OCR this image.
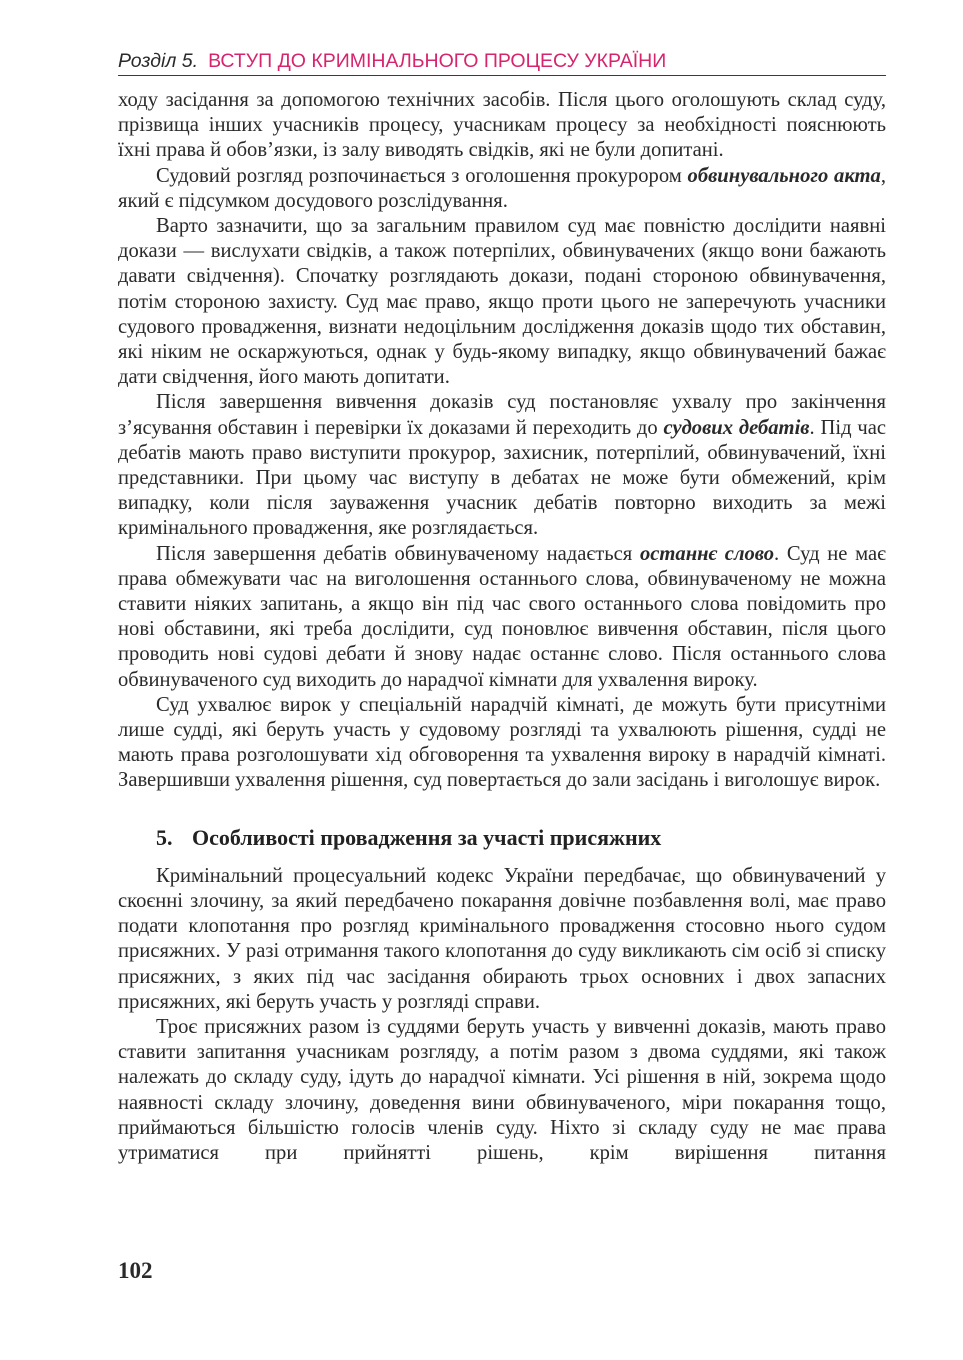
Розділ 5. ВСТУП ДО КРИМІНАЛЬНОГО ПРОЦЕСУ УКРАЇНИ

ходу засідання за допомогою технічних засобів. Після цього оголошують склад суду, прізвища інших учасників процесу, учасникам процесу за необхідності пояснюють їхні права й обов’язки, із залу виводять свідків, які не були допитані.

Судовий розгляд розпочинається з оголошення прокурором обвинувального акта, який є підсумком досудового розслідування.

Варто зазначити, що за загальним правилом суд має повністю дослідити наявні докази — вислухати свідків, а також потерпілих, обвинувачених (якщо вони бажають давати свідчення). Спочатку розглядають докази, подані стороною обвинувачення, потім стороною захисту. Суд має право, якщо проти цього не заперечують учасники судового провадження, визнати недоцільним дослідження доказів щодо тих обставин, які ніким не оскаржуються, однак у будь-якому випадку, якщо обвинувачений бажає дати свідчення, його мають допитати.

Після завершення вивчення доказів суд постановляє ухвалу про закінчення з’ясування обставин і перевірки їх доказами й переходить до судових дебатів. Під час дебатів мають право виступити прокурор, захисник, потерпілий, обвинувачений, їхні представники. При цьому час виступу в дебатах не може бути обмежений, крім випадку, коли після зауваження учасник дебатів повторно виходить за межі кримінального провадження, яке розглядається.

Після завершення дебатів обвинуваченому надається останнє слово. Суд не має права обмежувати час на виголошення останнього слова, обвинуваченому не можна ставити ніяких запитань, а якщо він під час свого останнього слова повідомить про нові обставини, які треба дослідити, суд поновлює вивчення обставин, після цього проводить нові судові дебати й знову надає останнє слово. Після останнього слова обвинуваченого суд виходить до нарадчої кімнати для ухвалення вироку.

Суд ухвалює вирок у спеціальній нарадчій кімнаті, де можуть бути присутніми лише судді, які беруть участь у судовому розгляді та ухвалюють рішення, судді не мають права розголошувати хід обговорення та ухвалення вироку в нарадчій кімнаті. Завершивши ухвалення рішення, суд повертається до зали засідань і виголошує вирок.

5. Особливості провадження за участі присяжних

Кримінальний процесуальний кодекс України передбачає, що обвинувачений у скоєнні злочину, за який передбачено покарання довічне позбавлення волі, має право подати клопотання про розгляд кримінального провадження стосовно нього судом присяжних. У разі отримання такого клопотання до суду викликають сім осіб зі списку присяжних, з яких під час засідання обирають трьох основних і двох запасних присяжних, які беруть участь у розгляді справи.

Троє присяжних разом із суддями беруть участь у вивченні доказів, мають право ставити запитання учасникам розгляду, а потім разом з двома суддями, які також належать до складу суду, ідуть до нарадчої кімнати. Усі рішення в ній, зокрема щодо наявності складу злочину, доведення вини обвинуваченого, міри покарання тощо, приймаються більшістю голосів членів суду. Ніхто зі складу суду не має права утриматися при прийнятті рішень, крім вирішення питання

102
